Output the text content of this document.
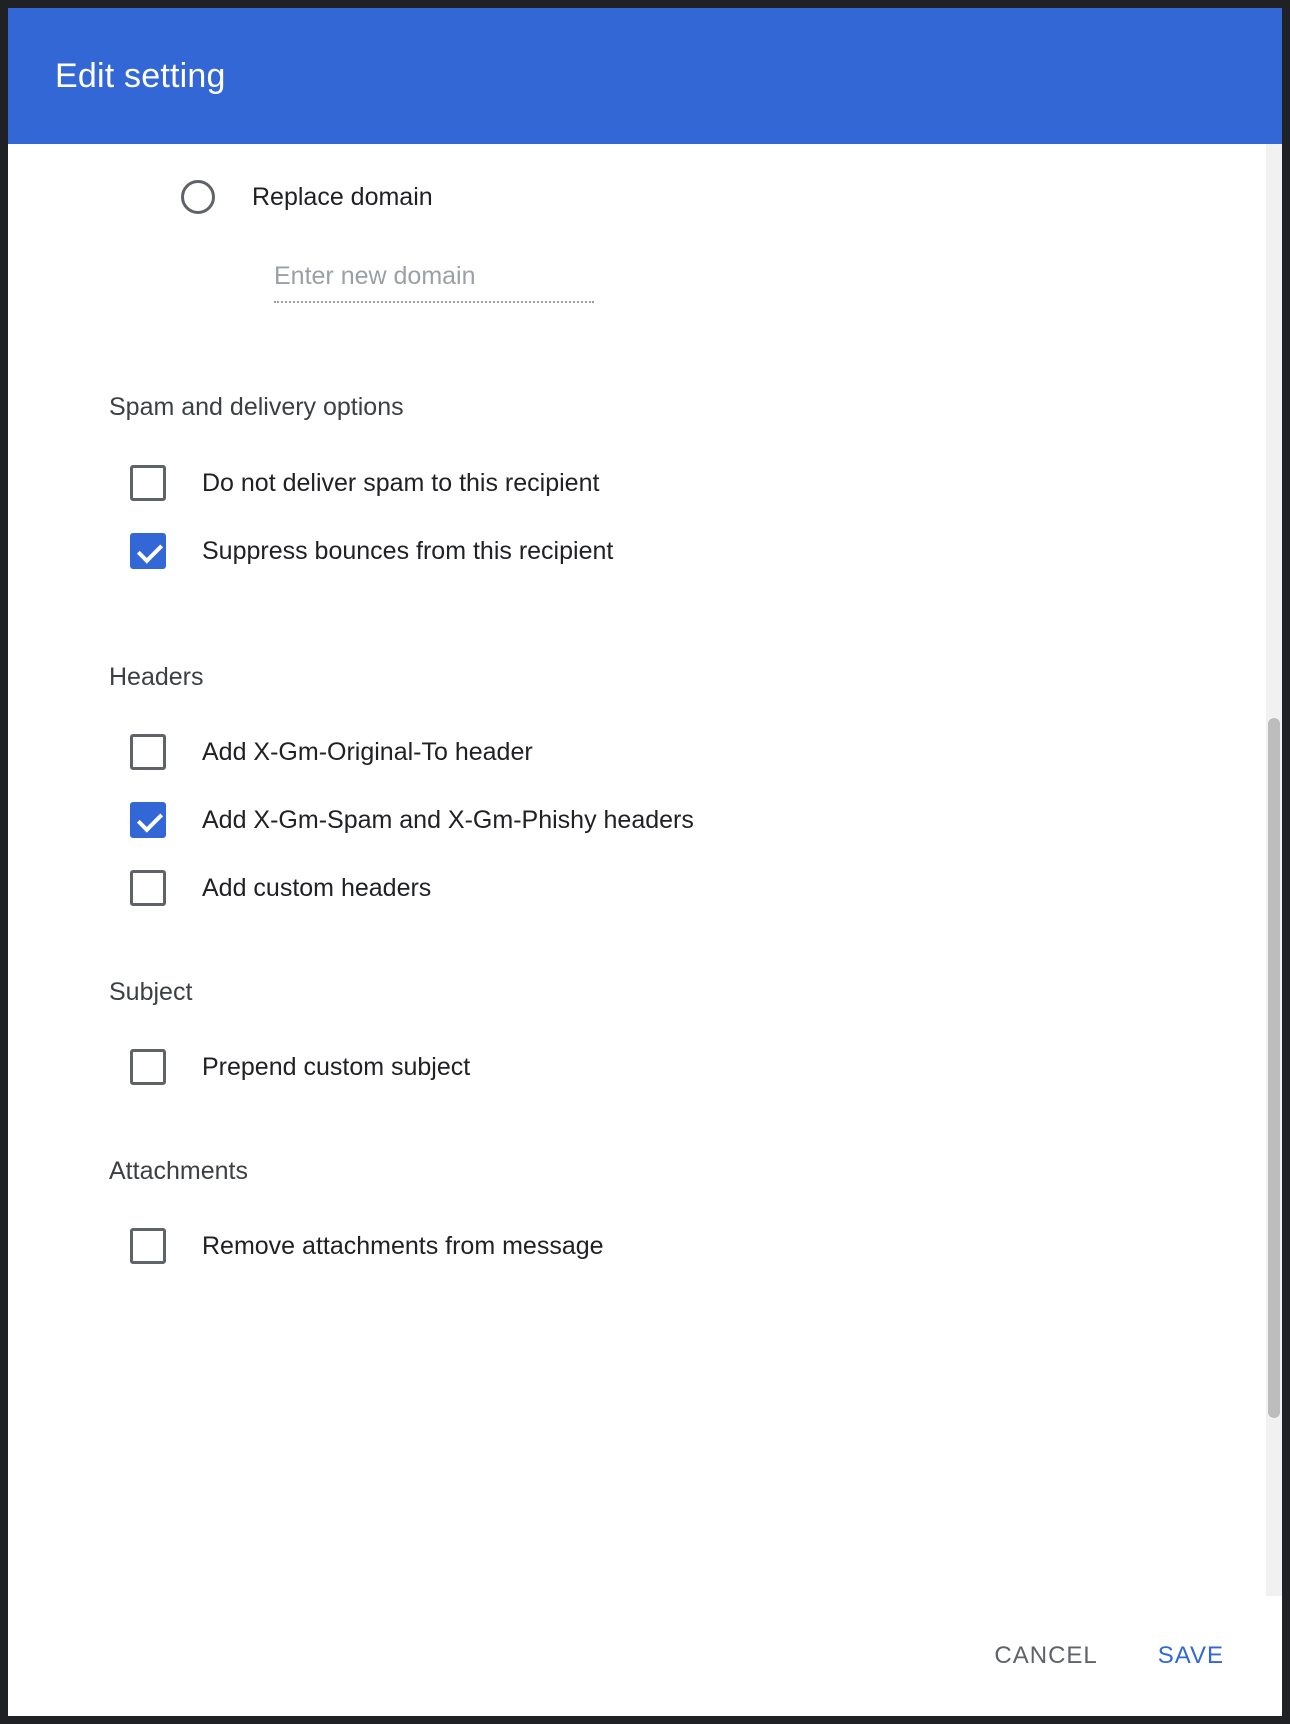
Edit setting
Replace domain
Enter new domain
Spam and delivery options
Do not deliver spam to this recipient
Suppress bounces from this recipient
Headers
Add X-Gm-Original-To header
Add X-Gm-Spam and X-Gm-Phishy headers
Add custom headers
Subject
Prepend custom subject
Attachments
Remove attachments from message
CANCEL	SAVE
